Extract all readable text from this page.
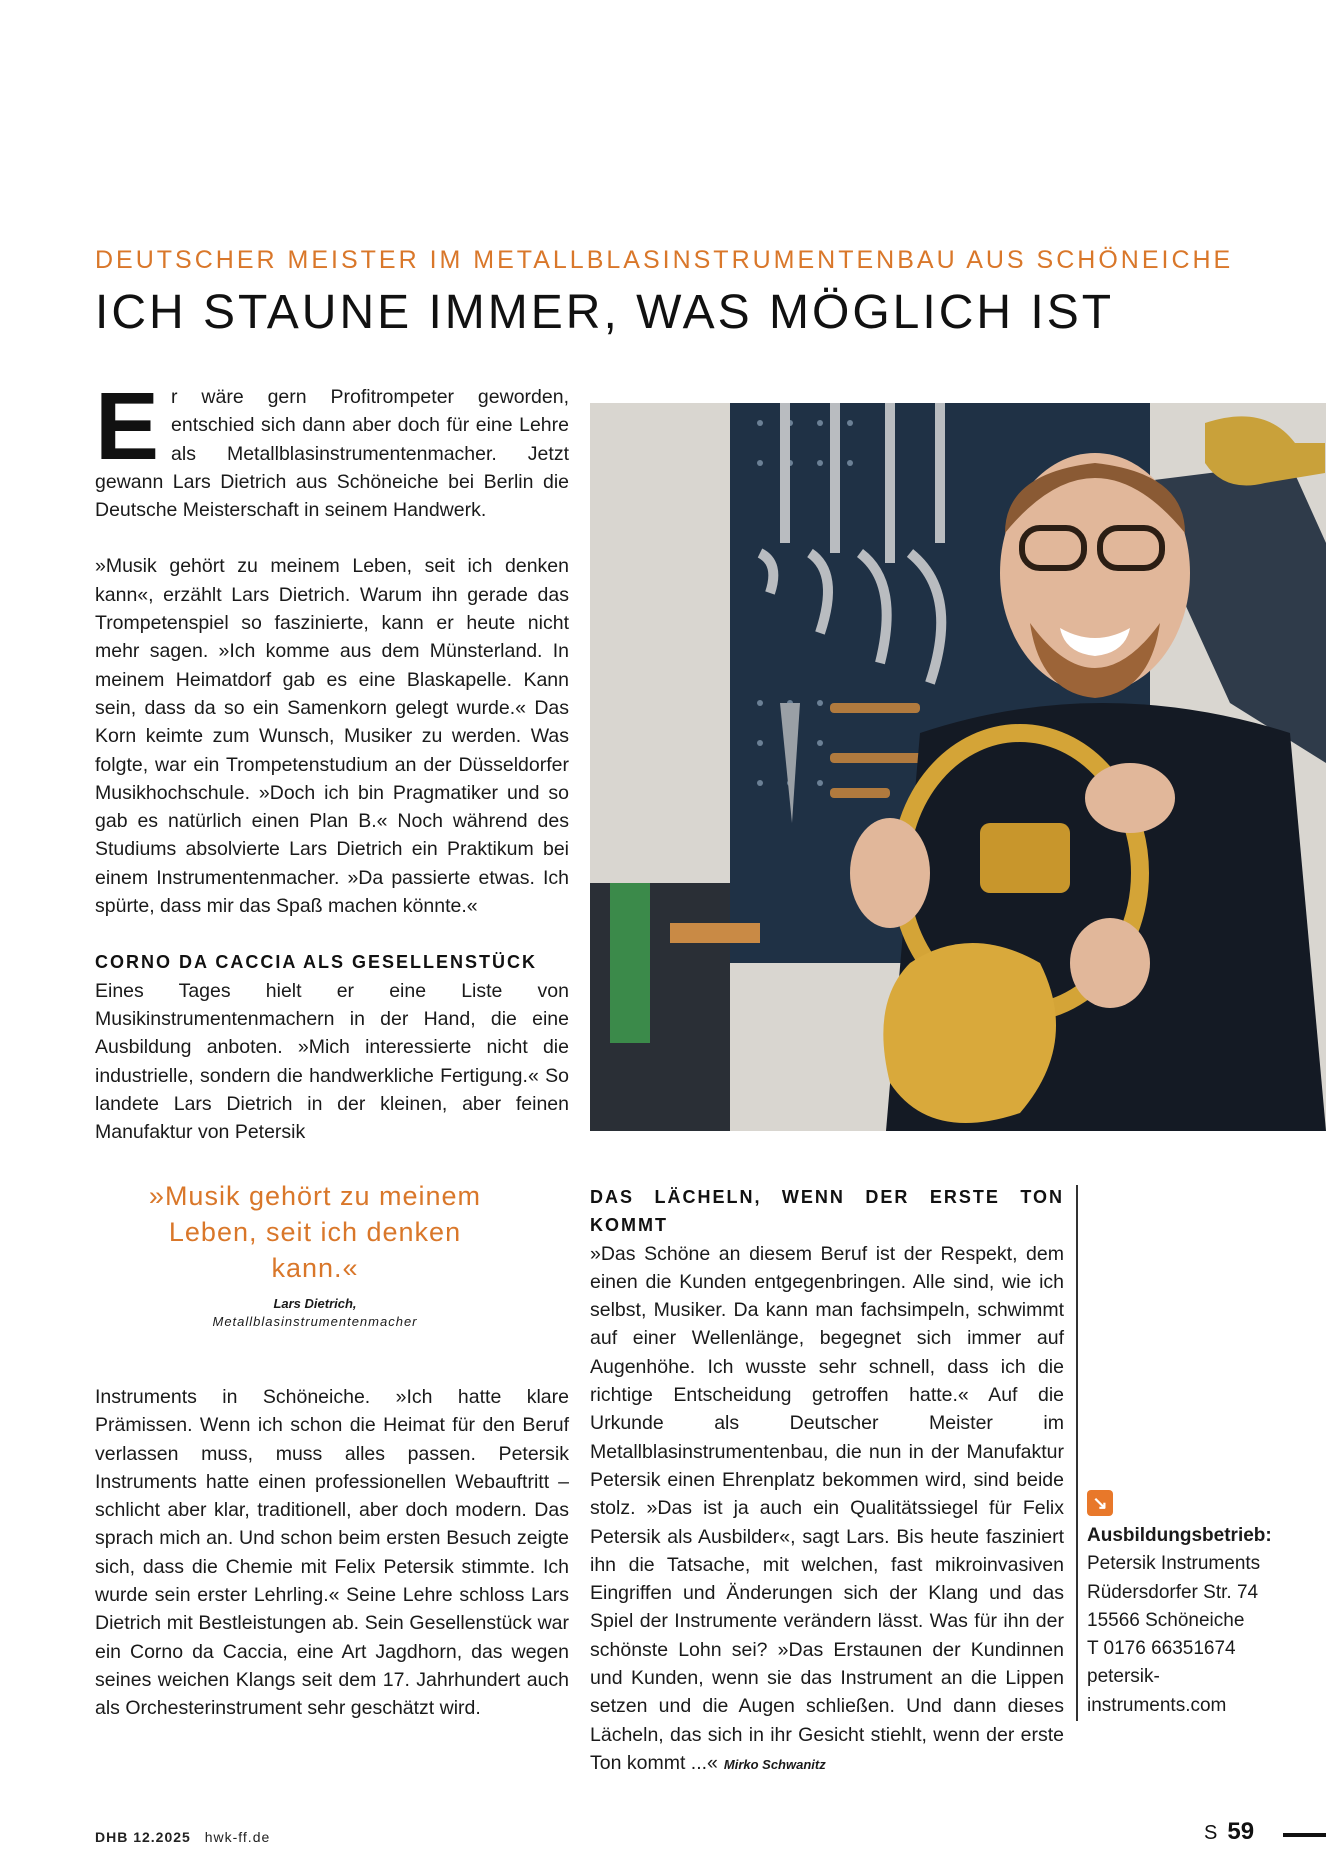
DEUTSCHER MEISTER IM METALLBLASINSTRUMENTENBAU AUS SCHÖNEICHE
ICH STAUNE IMMER, WAS MÖGLICH IST

Er wäre gern Profitrompeter geworden, entschied sich dann aber doch für eine Lehre als Metallblasinstrumentenmacher. Jetzt gewann Lars Dietrich aus Schöneiche bei Berlin die Deutsche Meisterschaft in seinem Handwerk.

»Musik gehört zu meinem Leben, seit ich denken kann«, erzählt Lars Dietrich. Warum ihn gerade das Trompetenspiel so faszinierte, kann er heute nicht mehr sagen. »Ich komme aus dem Münsterland. In meinem Heimatdorf gab es eine Blaskapelle. Kann sein, dass da so ein Samenkorn gelegt wurde.« Das Korn keimte zum Wunsch, Musiker zu werden. Was folgte, war ein Trompetenstudium an der Düsseldorfer Musikhochschule. »Doch ich bin Pragmatiker und so gab es natürlich einen Plan B.« Noch während des Studiums absolvierte Lars Dietrich ein Praktikum bei einem Instrumentenmacher. »Da passierte etwas. Ich spürte, dass mir das Spaß machen könnte.«

CORNO DA CACCIA ALS GESELLENSTÜCK

Eines Tages hielt er eine Liste von Musikinstrumentenmachern in der Hand, die eine Ausbildung anboten. »Mich interessierte nicht die industrielle, sondern die handwerkliche Fertigung.« So landete Lars Dietrich in der kleinen, aber feinen Manufaktur von Petersik

»Musik gehört zu meinem Leben, seit ich denken kann.«
Lars Dietrich,
Metallblasinstrumentenmacher

Instruments in Schöneiche. »Ich hatte klare Prämissen. Wenn ich schon die Heimat für den Beruf verlassen muss, muss alles passen. Petersik Instruments hatte einen professionellen Webauftritt – schlicht aber klar, traditionell, aber doch modern. Das sprach mich an. Und schon beim ersten Besuch zeigte sich, dass die Chemie mit Felix Petersik stimmte. Ich wurde sein erster Lehrling.« Seine Lehre schloss Lars Dietrich mit Bestleistungen ab. Sein Gesellenstück war ein Corno da Caccia, eine Art Jagdhorn, das wegen seines weichen Klangs seit dem 17. Jahrhundert auch als Orchesterinstrument sehr geschätzt wird.

DAS LÄCHELN, WENN DER ERSTE TON KOMMT

»Das Schöne an diesem Beruf ist der Respekt, dem einen die Kunden entgegenbringen. Alle sind, wie ich selbst, Musiker. Da kann man fachsimpeln, schwimmt auf einer Wellenlänge, begegnet sich immer auf Augenhöhe. Ich wusste sehr schnell, dass ich die richtige Entscheidung getroffen hatte.« Auf die Urkunde als Deutscher Meister im Metallblasinstrumentenbau, die nun in der Manufaktur Petersik einen Ehrenplatz bekommen wird, sind beide stolz. »Das ist ja auch ein Qualitätssiegel für Felix Petersik als Ausbilder«, sagt Lars. Bis heute fasziniert ihn die Tatsache, mit welchen, fast mikroinvasiven Eingriffen und Änderungen sich der Klang und das Spiel der Instrumente verändern lässt. Was für ihn der schönste Lohn sei? »Das Erstaunen der Kundinnen und Kunden, wenn sie das Instrument an die Lippen setzen und die Augen schließen. Und dann dieses Lächeln, das sich in ihr Gesicht stiehlt, wenn der erste Ton kommt ...« Mirko Schwanitz

↘
Ausbildungsbetrieb:
Petersik Instruments
Rüdersdorfer Str. 74
15566 Schöneiche
T 0176 66351674
petersik-
instruments.com
DHB 12.2025 hwk-ff.de	S 59
